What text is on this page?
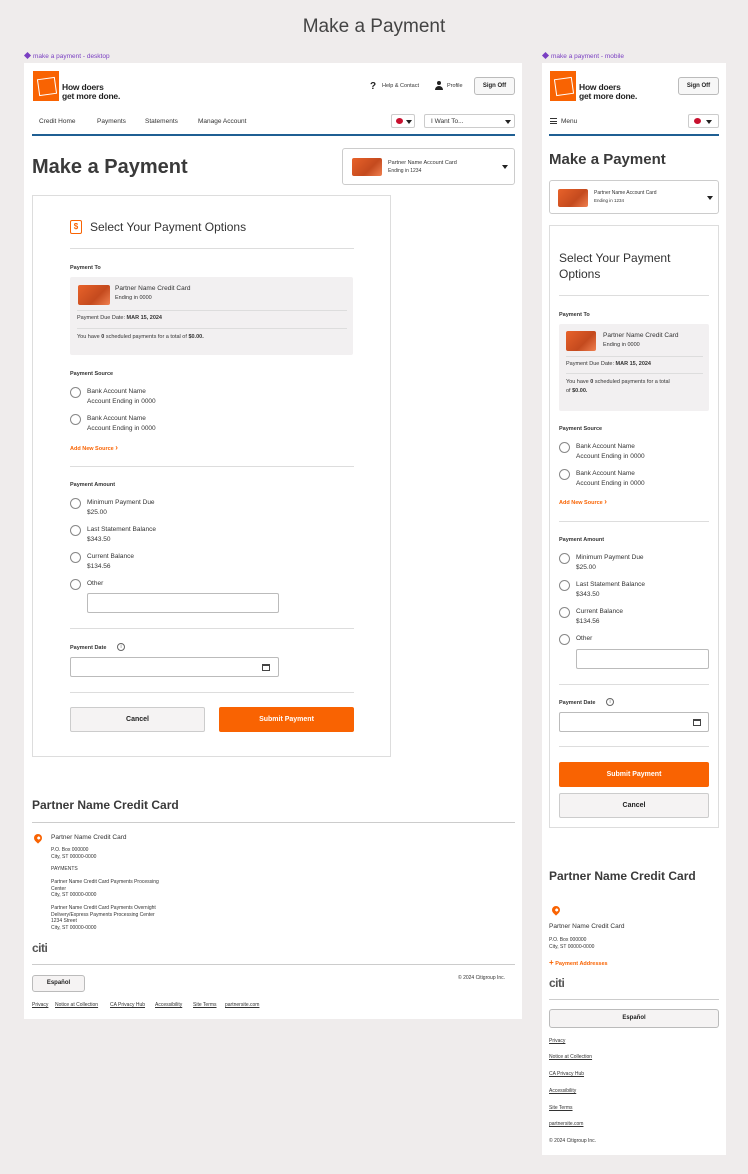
Make a Payment
make a payment - desktop	make a payment - mobile
How doers
get more done.
? Help & Contact	Profile	Sign Off
Credit Home	Payments	Statements	Manage Account	I Want To...
Make a Payment	Partner Name Account Card
Ending in 1234
$ Select Your Payment Options
Payment To
Partner Name Credit Card
Ending in 0000
Payment Due Date: MAR 15, 2024
You have 0 scheduled payments for a total of $0.00.
Payment Source
Bank Account Name
Account Ending in 0000
Bank Account Name
Account Ending in 0000
Add New Source ›
Payment Amount
Minimum Payment Due
$25.00
Last Statement Balance
$343.50
Current Balance
$134.56
Other
Payment Date	i
Cancel	Submit Payment
Partner Name Credit Card
Partner Name Credit Card
P.O. Box 000000
City, ST 00000-0000
PAYMENTS
Partner Name Credit Card Payments Processing
Center
City, ST 00000-0000
Partner Name Credit Card Payments Overnight
Delivery/Express Payments Processing Center
1234 Street
City, ST 00000-0000
citi
Español
© 2024 Citigroup Inc.
Privacy Notice at Collection CA Privacy Hub Accessibility Site Terms partnersite.com
How doers
get more done.
Sign Off
Menu
Make a Payment
Partner Name Account Card
Ending in 1234
Select Your Payment
Options
Payment To
Partner Name Credit Card
Ending in 0000
Payment Due Date: MAR 15, 2024
You have 0 scheduled payments for a total
of $0.00.
Payment Source
Bank Account Name
Account Ending in 0000
Bank Account Name
Account Ending in 0000
Add New Source ›
Payment Amount
Minimum Payment Due
$25.00
Last Statement Balance
$343.50
Current Balance
$134.56
Other
Payment Date	i
Submit Payment
Cancel
Partner Name Credit Card
Partner Name Credit Card
P.O. Box 000000
City, ST 00000-0000
+ Payment Addresses
citi
Español
Privacy
Notice at Collection
CA Privacy Hub
Accessibility
Site Terms
partnersite.com
© 2024 Citigroup Inc.
